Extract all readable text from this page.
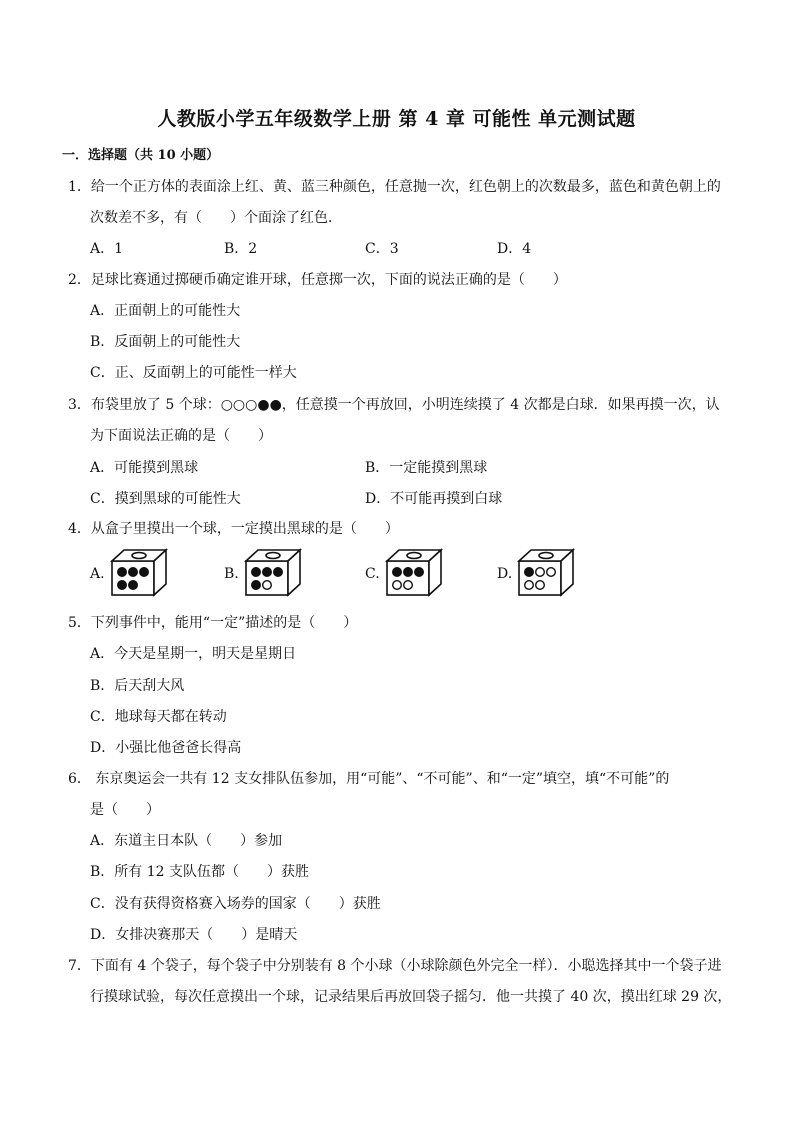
人教版小学五年级数学上册 第 4 章 可能性 单元测试题
一．选择题（共 10 小题）
1．给一个正方体的表面涂上红、黄、蓝三种颜色，任意抛一次，红色朝上的次数最多，蓝色和黄色朝上的
次数差不多，有（　　）个面涂了红色．
A．1	B．2	C．3	D．4
2．足球比赛通过掷硬币确定谁开球，任意掷一次，下面的说法正确的是（　　）
A．正面朝上的可能性大
B．反面朝上的可能性大
C．正、反面朝上的可能性一样大
3．布袋里放了 5 个球：○○○●●，任意摸一个再放回，小明连续摸了 4 次都是白球．如果再摸一次，认
为下面说法正确的是（　　）
A．可能摸到黑球	B．一定能摸到黑球
C．摸到黑球的可能性大	D．不可能再摸到白球
4．从盒子里摸出一个球，一定摸出黑球的是（　　）
A.	B.	C.	D.
5．下列事件中，能用“一定”描述的是（　　）
A．今天是星期一，明天是星期日
B．后天刮大风
C．地球每天都在转动
D．小强比他爸爸长得高
6． 东京奥运会一共有 12 支女排队伍参加，用“可能”、“不可能”、和“一定”填空，填“不可能”的
是（　　）
A．东道主日本队（　　）参加
B．所有 12 支队伍都（　　）获胜
C．没有获得资格赛入场券的国家（　　）获胜
D．女排决赛那天（　　）是晴天
7．下面有 4 个袋子，每个袋子中分别装有 8 个小球（小球除颜色外完全一样）．小聪选择其中一个袋子进
行摸球试验，每次任意摸出一个球，记录结果后再放回袋子摇匀．他一共摸了 40 次，摸出红球 29 次，
